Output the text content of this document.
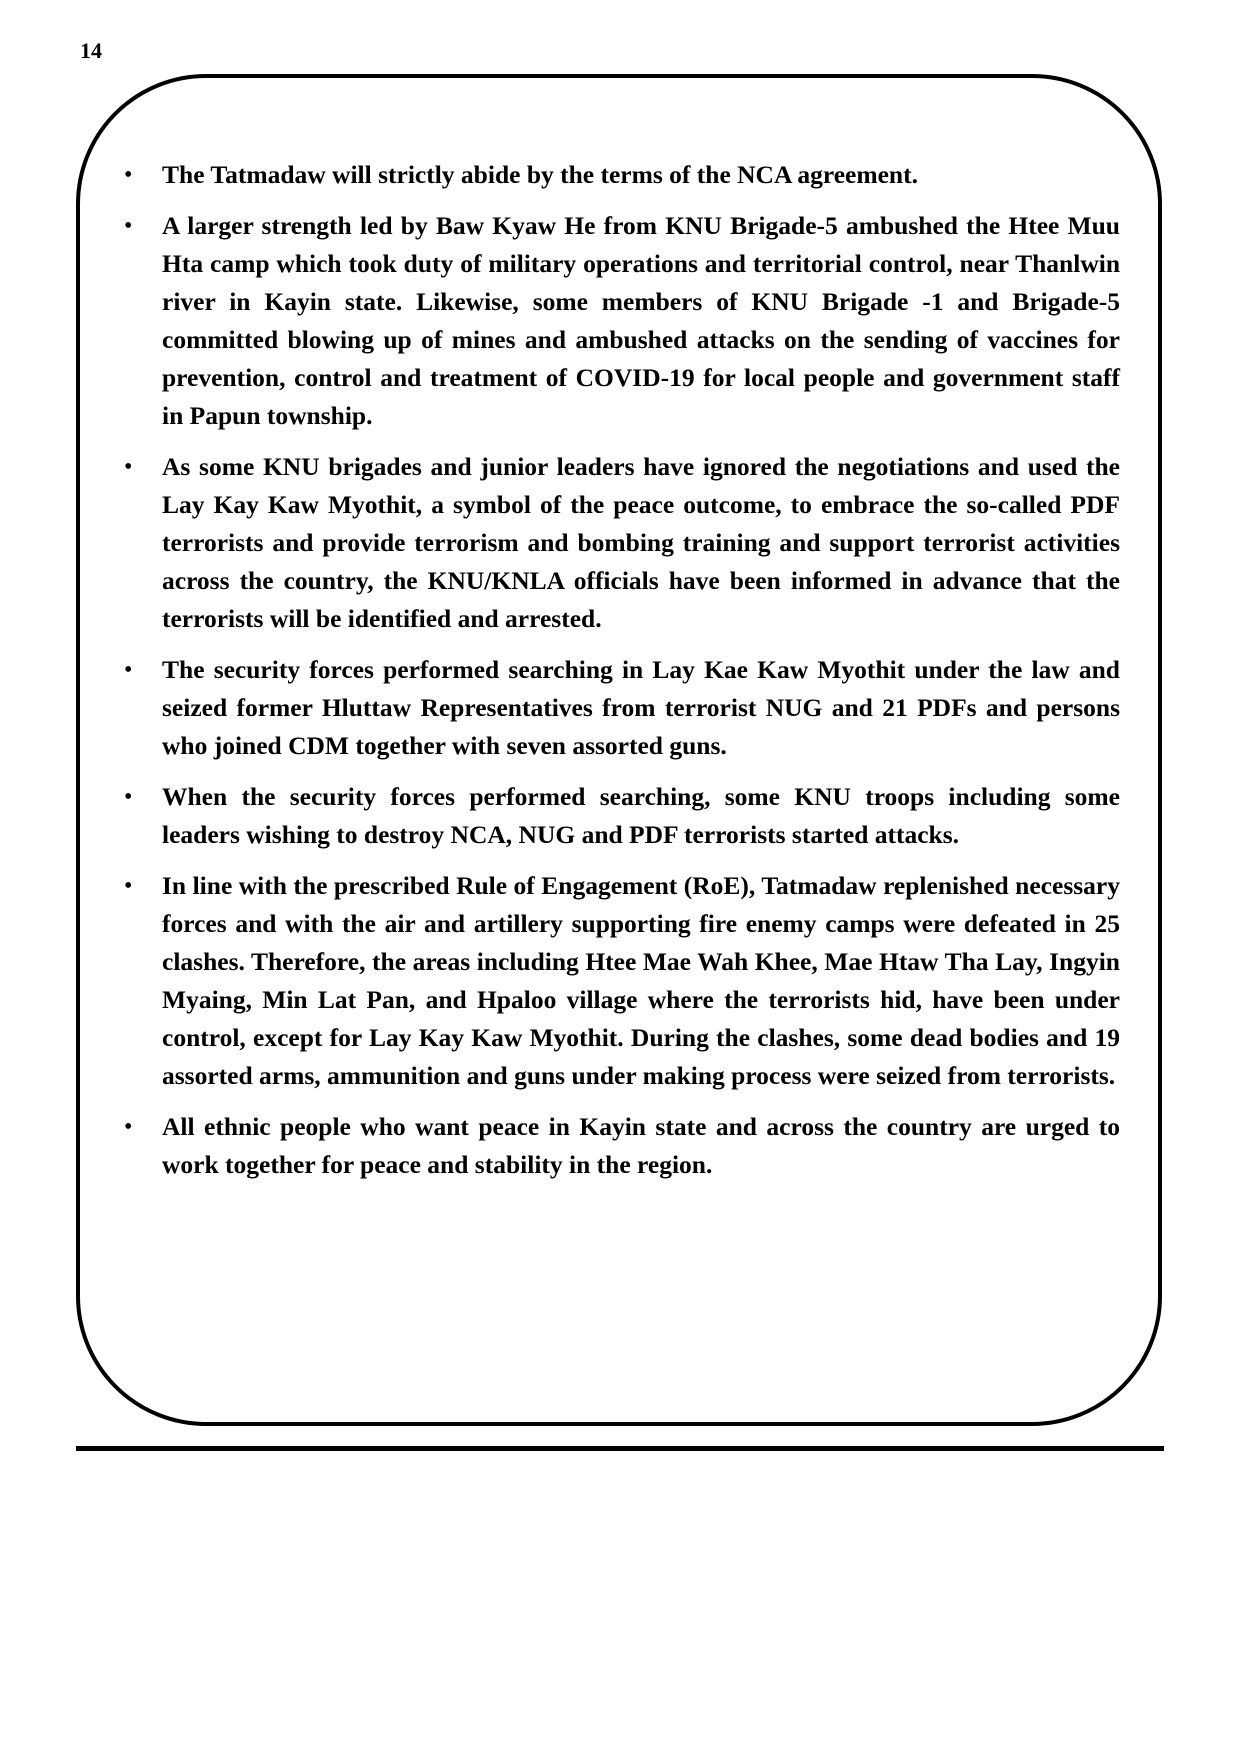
14
•	The Tatmadaw will strictly abide by the terms of the NCA agreement.
•	A larger strength led by Baw Kyaw He from KNU Brigade-5 ambushed the Htee Muu Hta camp which took duty of military operations and territorial control, near Thanlwin river in Kayin state. Likewise, some members of KNU Brigade -1 and Brigade-5 committed blowing up of mines and ambushed attacks on the sending of vaccines for prevention, control and treatment of COVID-19 for local people and government staff in Papun township.
•	As some KNU brigades and junior leaders have ignored the negotiations and used the Lay Kay Kaw Myothit, a symbol of the peace outcome, to embrace the so-called PDF terrorists and provide terrorism and bombing training and support terrorist activities across the country, the KNU/KNLA officials have been informed in advance that the terrorists will be identified and arrested.
•	The security forces performed searching in Lay Kae Kaw Myothit under the law and seized former Hluttaw Representatives from terrorist NUG and 21 PDFs and persons who joined CDM together with seven assorted guns.
•	When the security forces performed searching, some KNU troops including some leaders wishing to destroy NCA, NUG and PDF terrorists started attacks.
•	In line with the prescribed Rule of Engagement (RoE), Tatmadaw replenished necessary forces and with the air and artillery supporting fire enemy camps were defeated in 25 clashes. Therefore, the areas including Htee Mae Wah Khee, Mae Htaw Tha Lay, Ingyin Myaing, Min Lat Pan, and Hpaloo village where the terrorists hid, have been under control, except for Lay Kay Kaw Myothit. During the clashes, some dead bodies and 19 assorted arms, ammunition and guns under making process were seized from terrorists.
•	All ethnic people who want peace in Kayin state and across the country are urged to work together for peace and stability in the region.
